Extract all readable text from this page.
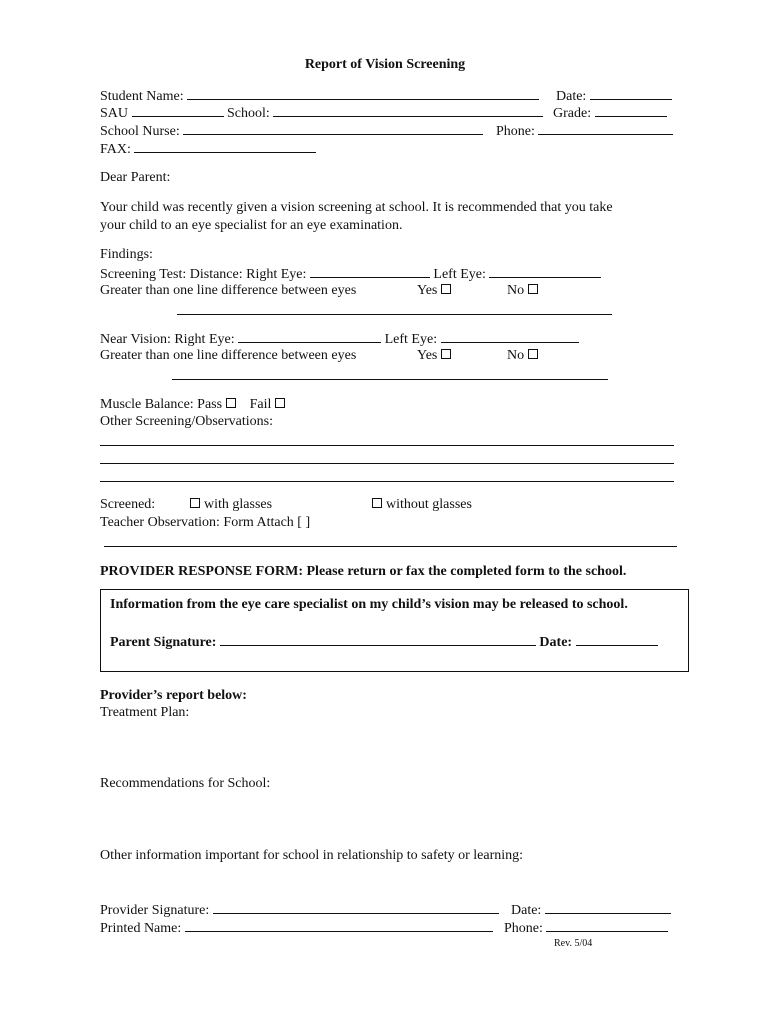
Report of Vision Screening
Student Name:	Date:
SAU	School:	Grade:
School Nurse:	Phone:
FAX:
Dear Parent:
Your child was recently given a vision screening at school. It is recommended that you take
your child to an eye specialist for an eye examination.
Findings:
Screening Test: Distance: Right Eye:	Left Eye:
Greater than one line difference between eyes	Yes	No
Near Vision: Right Eye:	Left Eye:
Greater than one line difference between eyes	Yes	No
Muscle Balance: Pass Fail
Other Screening/Observations:
Screened:	with glasses	without glasses
Teacher Observation: Form Attach [ ]
PROVIDER RESPONSE FORM: Please return or fax the completed form to the school.
Information from the eye care specialist on my child’s vision may be released to school.
Parent Signature:	Date:
Provider’s report below:
Treatment Plan:
Recommendations for School:
Other information important for school in relationship to safety or learning:
Provider Signature:	Date:
Printed Name:	Phone:
Rev. 5/04
